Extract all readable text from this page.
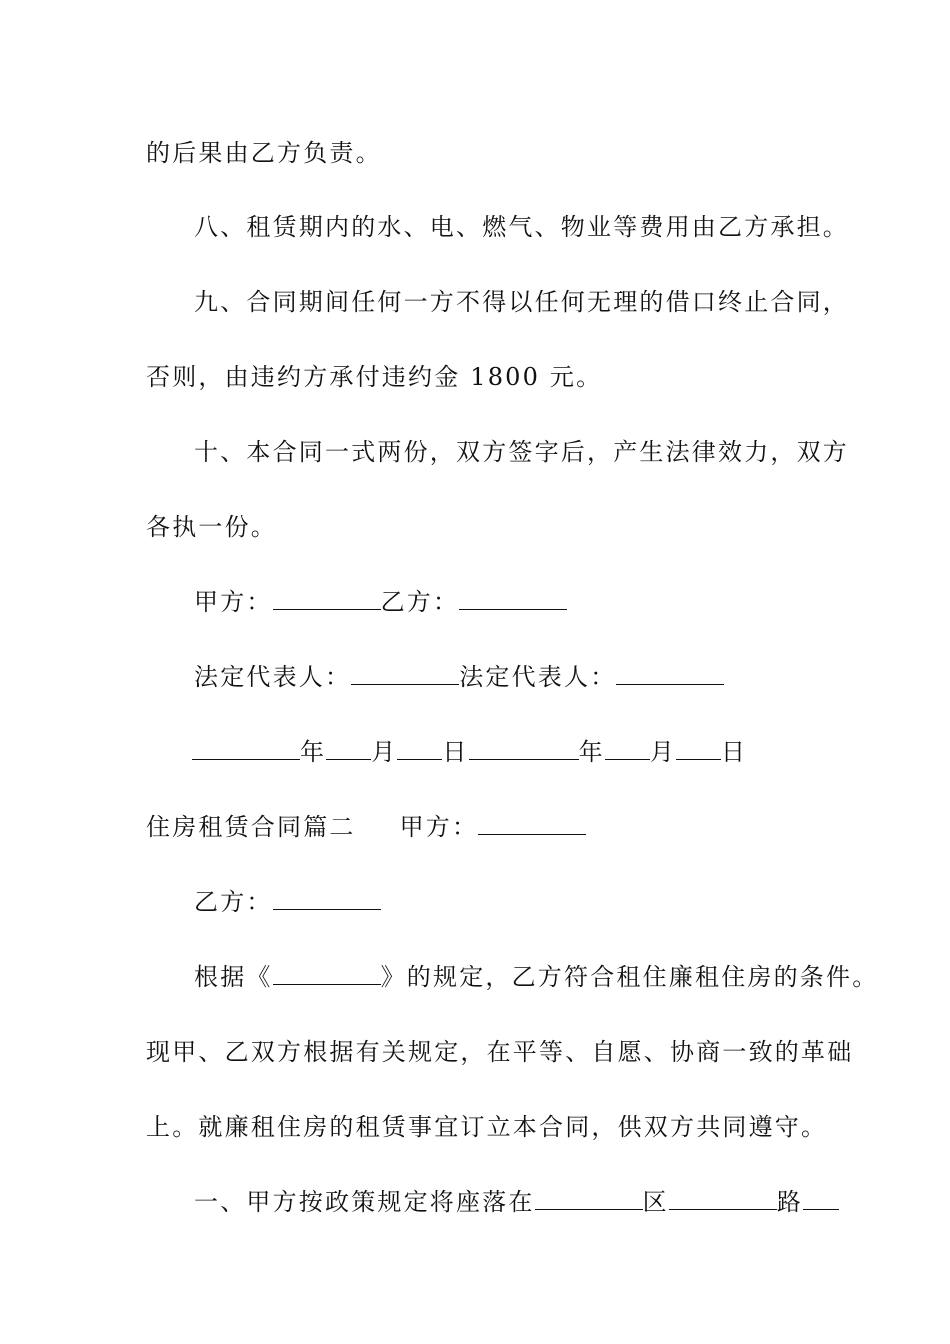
的后果由乙方负责。
八、租赁期内的水、电、燃气、物业等费用由乙方承担。
九、合同期间任何一方不得以任何无理的借口终止合同，
否则，由违约方承付违约金 1800 元。
十、本合同一式两份，双方签字后，产生法律效力，双方
各执一份。
甲方：	乙方：
法定代表人：	法定代表人：
年 月 日	年 月 日
住房租赁合同篇二 甲方：
乙方：
根据《	》的规定，乙方符合租住廉租住房的条件。
现甲、乙双方根据有关规定，在平等、自愿、协商一致的革础
上。就廉租住房的租赁事宜订立本合同，供双方共同遵守。
一、甲方按政策规定将座落在	区	路
